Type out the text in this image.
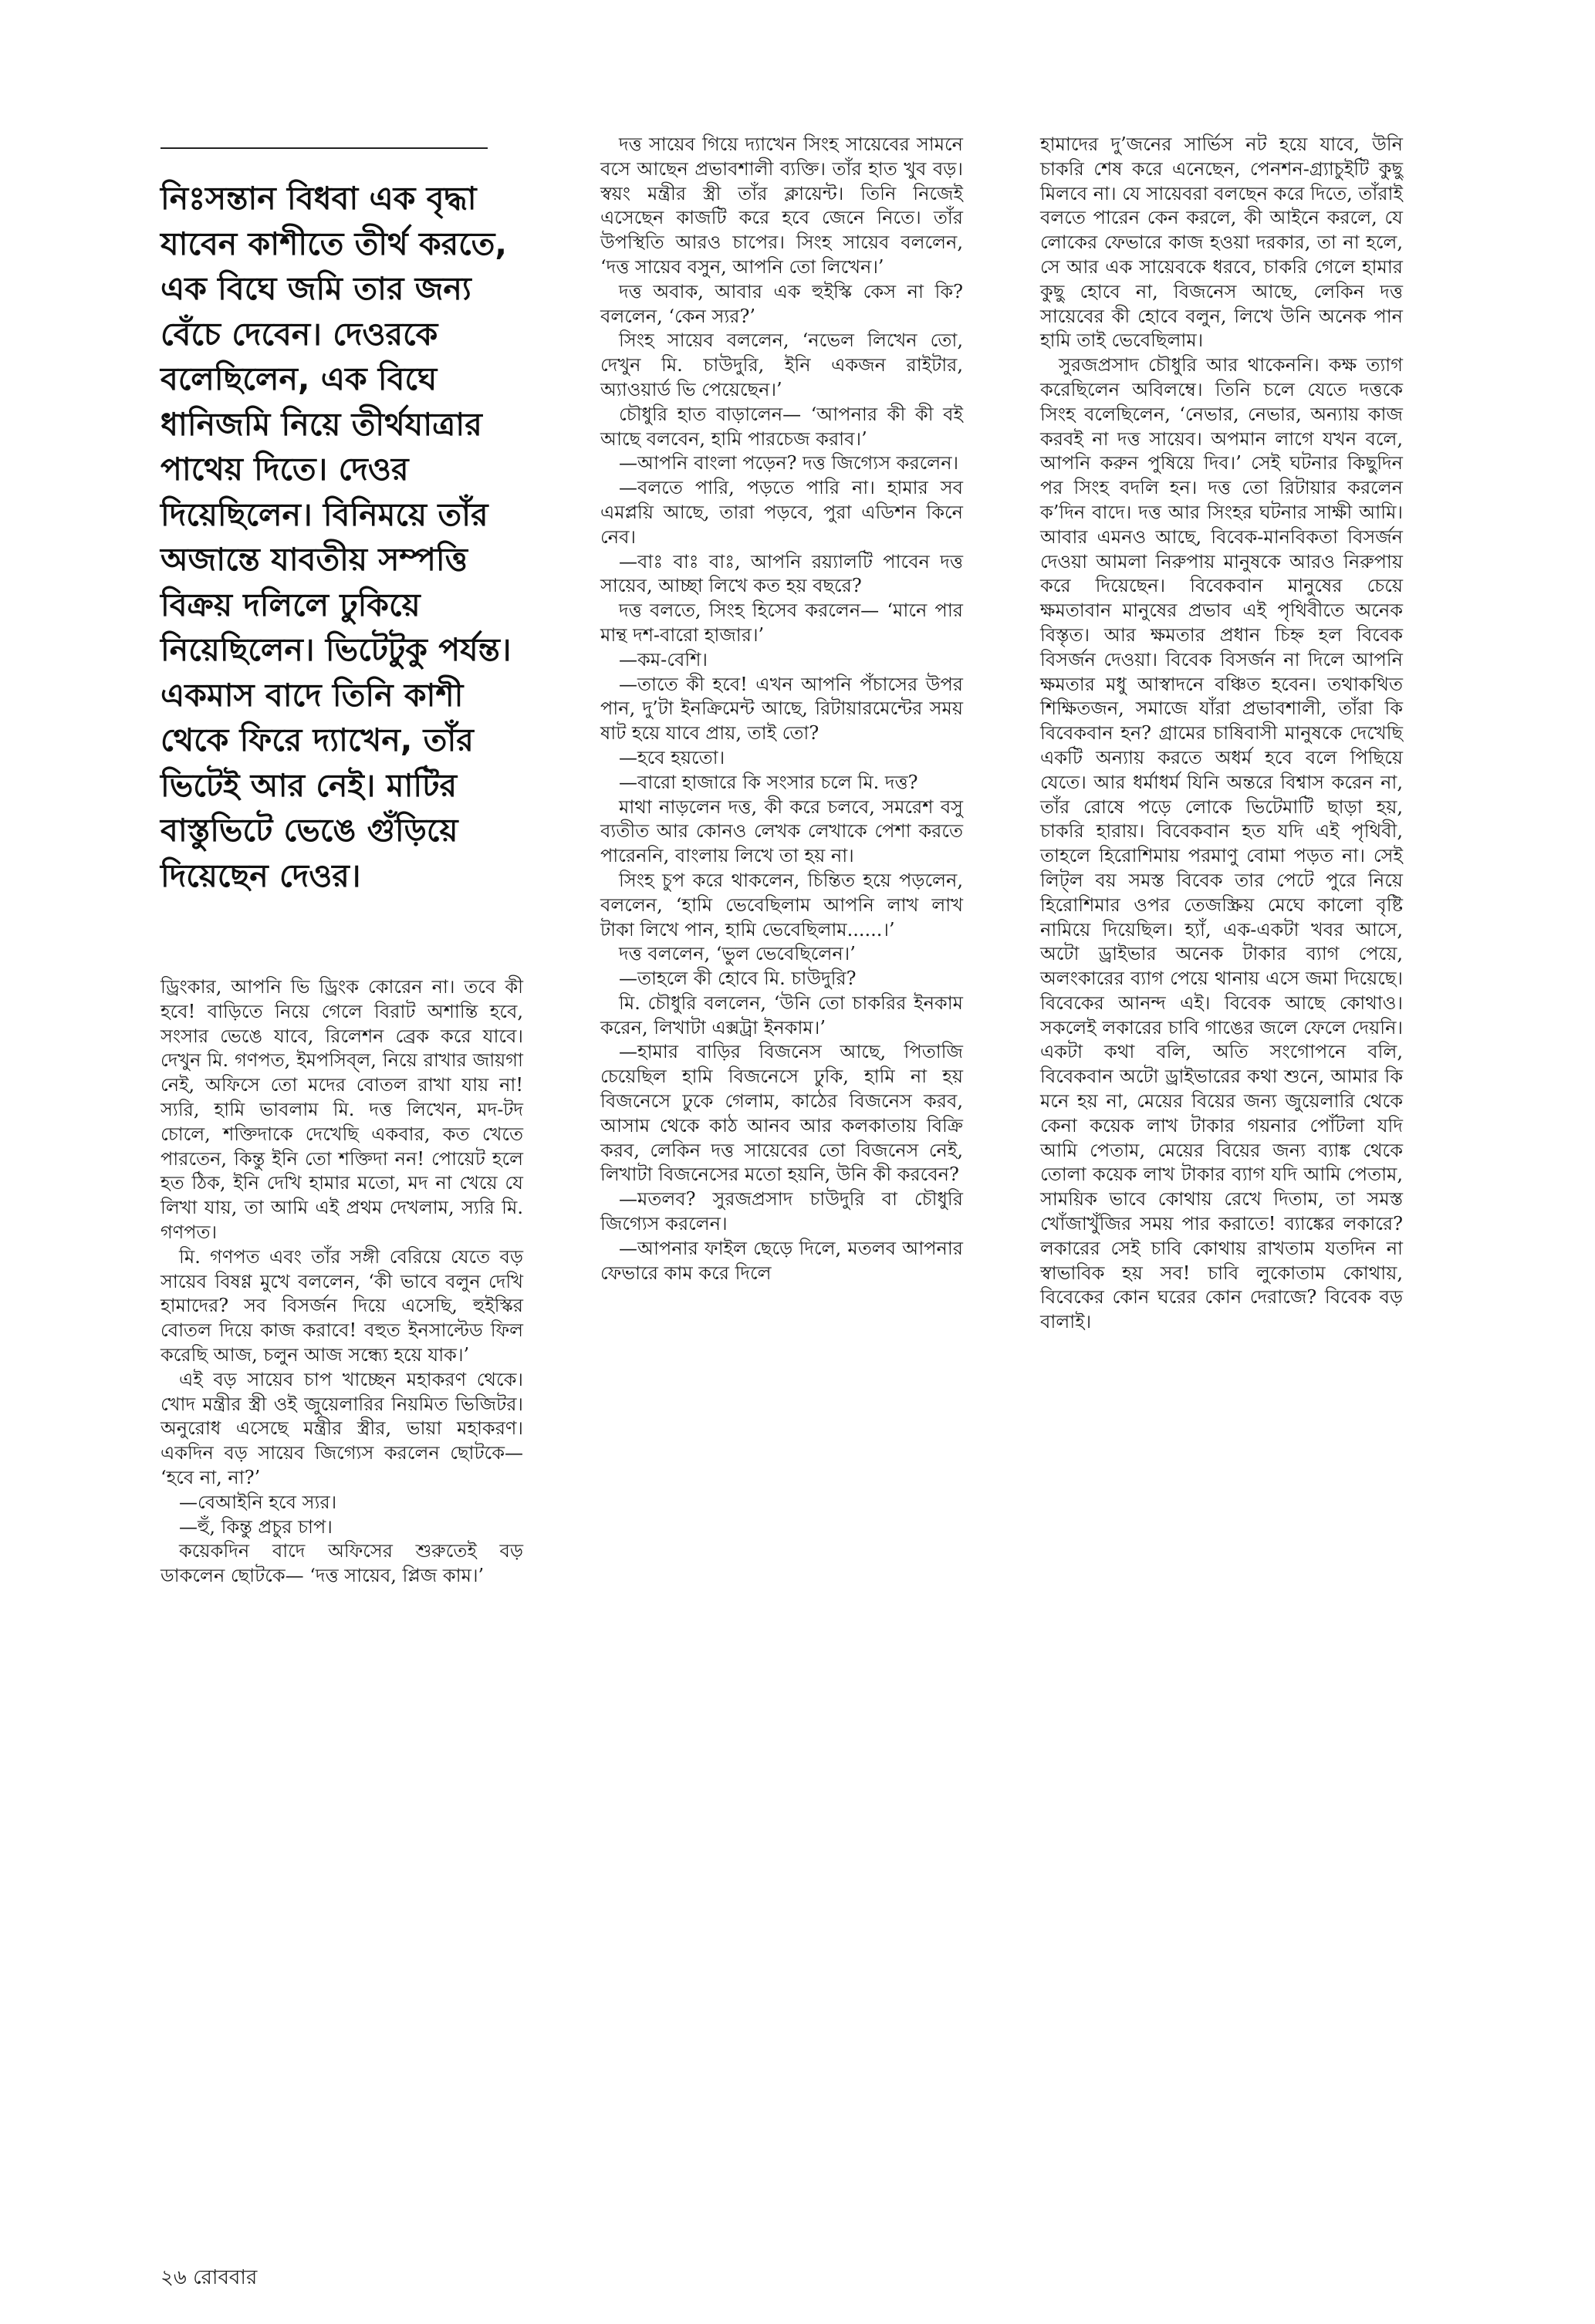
নিঃসন্তান বিধবা এক বৃদ্ধা যাবেন কাশীতে তীর্থ করতে, এক বিঘে জমি তার জন্য বেঁচে দেবেন। দেওরকে বলেছিলেন, এক বিঘে ধানিজমি নিয়ে তীর্থযাত্রার পাথেয় দিতে। দেওর দিয়েছিলেন। বিনিময়ে তাঁর অজান্তে যাবতীয় সম্পত্তি বিক্রয় দলিলে ঢুকিয়ে নিয়েছিলেন। ভিটেটুকু পর্যন্ত। একমাস বাদে তিনি কাশী থেকে ফিরে দ্যাখেন, তাঁর ভিটেই আর নেই। মাটির বাস্তুভিটে ভেঙে গুঁড়িয়ে দিয়েছেন দেওর।

ড্রিংকার, আপনি ভি ড্রিংক কোরেন না। তবে কী হবে! বাড়িতে নিয়ে গেলে বিরাট অশান্তি হবে, সংসার ভেঙে যাবে, রিলেশন ব্রেক করে যাবে। দেখুন মি. গণপত, ইমপসিব্‌ল, নিয়ে রাখার জায়গা নেই, অফিসে তো মদের বোতল রাখা যায় না! স্যরি, হামি ভাবলাম মি. দত্ত লিখেন, মদ-টদ চোলে, শক্তিদাকে দেখেছি একবার, কত খেতে পারতেন, কিন্তু ইনি তো শক্তিদা নন! পোয়েট হলে হত ঠিক, ইনি দেখি হামার মতো, মদ না খেয়ে যে লিখা যায়, তা আমি এই প্রথম দেখলাম, স্যরি মি. গণপত।

মি. গণপত এবং তাঁর সঙ্গী বেরিয়ে যেতে বড় সায়েব বিষণ্ণ মুখে বললেন, ‘কী ভাবে বলুন দেখি হামাদের? সব বিসর্জন দিয়ে এসেছি, হুইস্কির বোতল দিয়ে কাজ করাবে! বহুত ইনসাল্টেড ফিল করেছি আজ, চলুন আজ সন্ধ্যে হয়ে যাক।’

এই বড় সায়েব চাপ খাচ্ছেন মহাকরণ থেকে। খোদ মন্ত্রীর স্ত্রী ওই জুয়েলারির নিয়মিত ভিজিটর। অনুরোধ এসেছে মন্ত্রীর স্ত্রীর, ভায়া মহাকরণ। একদিন বড় সায়েব জিগ্যেস করলেন ছোটকে— ‘হবে না, না?’

—বেআইনি হবে স্যর।

—হুঁ, কিন্তু প্রচুর চাপ।

কয়েকদিন বাদে অফিসের শুরুতেই বড় ডাকলেন ছোটকে— ‘দত্ত সায়েব, প্লিজ কাম।’

দত্ত সায়েব গিয়ে দ্যাখেন সিংহ সায়েবের সামনে বসে আছেন প্রভাবশালী ব্যক্তি। তাঁর হাত খুব বড়। স্বয়ং মন্ত্রীর স্ত্রী তাঁর ক্লায়েন্ট। তিনি নিজেই এসেছেন কাজটি করে হবে জেনে নিতে। তাঁর উপস্থিতি আরও চাপের। সিংহ সায়েব বললেন, ‘দত্ত সায়েব বসুন, আপনি তো লিখেন।’

দত্ত অবাক, আবার এক হুইস্কি কেস না কি? বললেন, ‘কেন স্যর?’

সিংহ সায়েব বললেন, ‘নভেল লিখেন তো, দেখুন মি. চাউদুরি, ইনি একজন রাইটার, অ্যাওয়ার্ড ভি পেয়েছেন।’

চৌধুরি হাত বাড়ালেন— ‘আপনার কী কী বই আছে বলবেন, হামি পারচেজ করাব।’

—আপনি বাংলা পড়েন? দত্ত জিগ্যেস করলেন।

—বলতে পারি, পড়তে পারি না। হামার সব এমপ্লয়ি আছে, তারা পড়বে, পুরা এডিশন কিনে নেব।

—বাঃ বাঃ বাঃ, আপনি রয়্যালটি পাবেন দত্ত সায়েব, আচ্ছা লিখে কত হয় বছরে?

দত্ত বলতে, সিংহ হিসেব করলেন— ‘মানে পার মান্থ দশ-বারো হাজার।’

—কম-বেশি।

—তাতে কী হবে! এখন আপনি পঁচাসের উপর পান, দু’টা ইনক্রিমেন্ট আছে, রিটায়ারমেন্টের সময় ষাট হয়ে যাবে প্রায়, তাই তো?

—হবে হয়তো।

—বারো হাজারে কি সংসার চলে মি. দত্ত?

মাথা নাড়লেন দত্ত, কী করে চলবে, সমরেশ বসু ব্যতীত আর কোনও লেখক লেখাকে পেশা করতে পারেননি, বাংলায় লিখে তা হয় না।

সিংহ চুপ করে থাকলেন, চিন্তিত হয়ে পড়লেন, বললেন, ‘হামি ভেবেছিলাম আপনি লাখ লাখ টাকা লিখে পান, হামি ভেবেছিলাম......।’

দত্ত বললেন, ‘ভুল ভেবেছিলেন।’

—তাহলে কী হোবে মি. চাউদুরি?

মি. চৌধুরি বললেন, ‘উনি তো চাকরির ইনকাম করেন, লিখাটা এক্সট্রা ইনকাম।’

—হামার বাড়ির বিজনেস আছে, পিতাজি চেয়েছিল হামি বিজনেসে ঢুকি, হামি না হয় বিজনেসে ঢুকে গেলাম, কাঠের বিজনেস করব, আসাম থেকে কাঠ আনব আর কলকাতায় বিক্রি করব, লেকিন দত্ত সায়েবের তো বিজনেস নেই, লিখাটা বিজনেসের মতো হয়নি, উনি কী করবেন?

—মতলব? সুরজপ্রসাদ চাউদুরি বা চৌধুরি জিগ্যেস করলেন।

—আপনার ফাইল ছেড়ে দিলে, মতলব আপনার ফেভারে কাম করে দিলে

হামাদের দু’জনের সার্ভিস নট হয়ে যাবে, উনি চাকরি শেষ করে এনেছেন, পেনশন-গ্র্যাচুইটি কুছু মিলবে না। যে সায়েবরা বলছেন করে দিতে, তাঁরাই বলতে পারেন কেন করলে, কী আইনে করলে, যে লোকের ফেভারে কাজ হওয়া দরকার, তা না হলে, সে আর এক সায়েবকে ধরবে, চাকরি গেলে হামার কুছু হোবে না, বিজনেস আছে, লেকিন দত্ত সায়েবের কী হোবে বলুন, লিখে উনি অনেক পান হামি তাই ভেবেছিলাম।

সুরজপ্রসাদ চৌধুরি আর থাকেননি। কক্ষ ত্যাগ করেছিলেন অবিলম্বে। তিনি চলে যেতে দত্তকে সিংহ বলেছিলেন, ‘নেভার, নেভার, অন্যায় কাজ করবই না দত্ত সায়েব। অপমান লাগে যখন বলে, আপনি করুন পুষিয়ে দিব।’ সেই ঘটনার কিছুদিন পর সিংহ বদলি হন। দত্ত তো রিটায়ার করলেন ক’দিন বাদে। দত্ত আর সিংহর ঘটনার সাক্ষী আমি। আবার এমনও আছে, বিবেক-মানবিকতা বিসর্জন দেওয়া আমলা নিরুপায় মানুষকে আরও নিরুপায় করে দিয়েছেন। বিবেকবান মানুষের চেয়ে ক্ষমতাবান মানুষের প্রভাব এই পৃথিবীতে অনেক বিস্তৃত। আর ক্ষমতার প্রধান চিহ্ন হল বিবেক বিসর্জন দেওয়া। বিবেক বিসর্জন না দিলে আপনি ক্ষমতার মধু আস্বাদনে বঞ্চিত হবেন। তথাকথিত শিক্ষিতজন, সমাজে যাঁরা প্রভাবশালী, তাঁরা কি বিবেকবান হন? গ্রামের চাষিবাসী মানুষকে দেখেছি একটি অন্যায় করতে অধর্ম হবে বলে পিছিয়ে যেতে। আর ধর্মাধর্ম যিনি অন্তরে বিশ্বাস করেন না, তাঁর রোষে পড়ে লোকে ভিটেমাটি ছাড়া হয়, চাকরি হারায়। বিবেকবান হত যদি এই পৃথিবী, তাহলে হিরোশিমায় পরমাণু বোমা পড়ত না। সেই লিট্‌ল বয় সমস্ত বিবেক তার পেটে পুরে নিয়ে হিরোশিমার ওপর তেজস্ক্রিয় মেঘে কালো বৃষ্টি নামিয়ে দিয়েছিল। হ্যাঁ, এক-একটা খবর আসে, অটো ড্রাইভার অনেক টাকার ব্যাগ পেয়ে, অলংকারের ব্যাগ পেয়ে থানায় এসে জমা দিয়েছে। বিবেকের আনন্দ এই। বিবেক আছে কোথাও। সকলেই লকারের চাবি গাঙের জলে ফেলে দেয়নি। একটা কথা বলি, অতি সংগোপনে বলি, বিবেকবান অটো ড্রাইভারের কথা শুনে, আমার কি মনে হয় না, মেয়ের বিয়ের জন্য জুয়েলারি থেকে কেনা কয়েক লাখ টাকার গয়নার পোঁটলা যদি আমি পেতাম, মেয়ের বিয়ের জন্য ব্যাঙ্ক থেকে তোলা কয়েক লাখ টাকার ব্যাগ যদি আমি পেতাম, সাময়িক ভাবে কোথায় রেখে দিতাম, তা সমস্ত খোঁজাখুঁজির সময় পার করাতে! ব্যাঙ্কের লকারে? লকারের সেই চাবি কোথায় রাখতাম যতদিন না স্বাভাবিক হয় সব! চাবি লুকোতাম কোথায়, বিবেকের কোন ঘরের কোন দেরাজে? বিবেক বড় বালাই।

২৬ রোববার
